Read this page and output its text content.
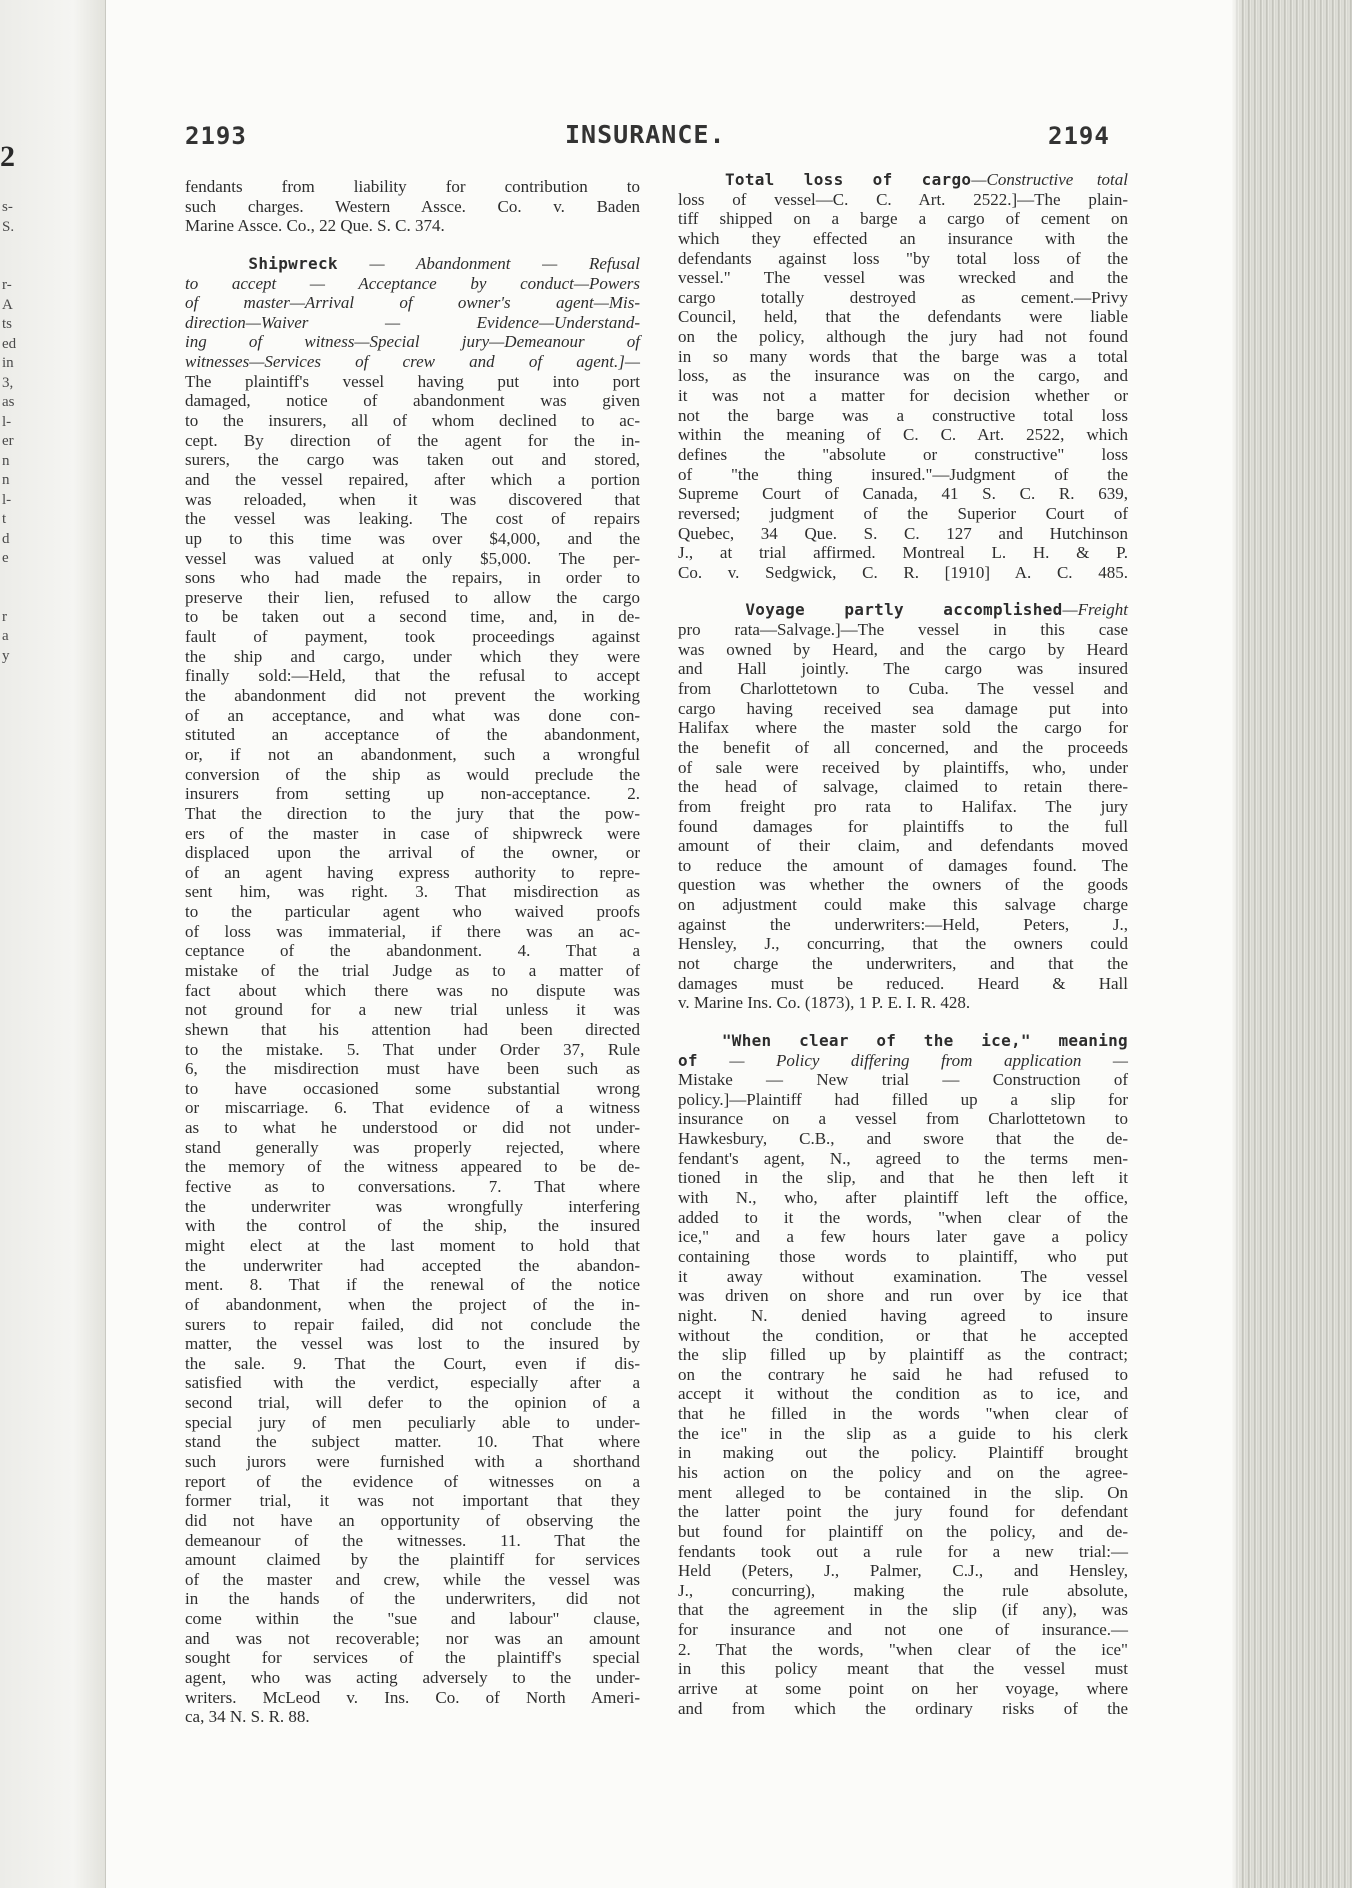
2
s-
S.
r-
A
ts
ed
in
3,
as
l-
er
n
n
l-
t
d
e
r
a
y
2193	INSURANCE.	2194
fendants from liability for contribution to
such charges. Western Assce. Co. v. Baden
Marine Assce. Co., 22 Que. S. C. 374.
Shipwreck — Abandonment — Refusal
to accept — Acceptance by conduct—Powers
of master—Arrival of owner's agent—Mis-
direction—Waiver — Evidence—Understand-
ing of witness—Special jury—Demeanour of
witnesses—Services of crew and of agent.]—
The plaintiff's vessel having put into port
damaged, notice of abandonment was given
to the insurers, all of whom declined to ac-
cept. By direction of the agent for the in-
surers, the cargo was taken out and stored,
and the vessel repaired, after which a portion
was reloaded, when it was discovered that
the vessel was leaking. The cost of repairs
up to this time was over $4,000, and the
vessel was valued at only $5,000. The per-
sons who had made the repairs, in order to
preserve their lien, refused to allow the cargo
to be taken out a second time, and, in de-
fault of payment, took proceedings against
the ship and cargo, under which they were
finally sold:—Held, that the refusal to accept
the abandonment did not prevent the working
of an acceptance, and what was done con-
stituted an acceptance of the abandonment,
or, if not an abandonment, such a wrongful
conversion of the ship as would preclude the
insurers from setting up non-acceptance. 2.
That the direction to the jury that the pow-
ers of the master in case of shipwreck were
displaced upon the arrival of the owner, or
of an agent having express authority to repre-
sent him, was right. 3. That misdirection as
to the particular agent who waived proofs
of loss was immaterial, if there was an ac-
ceptance of the abandonment. 4. That a
mistake of the trial Judge as to a matter of
fact about which there was no dispute was
not ground for a new trial unless it was
shewn that his attention had been directed
to the mistake. 5. That under Order 37, Rule
6, the misdirection must have been such as
to have occasioned some substantial wrong
or miscarriage. 6. That evidence of a witness
as to what he understood or did not under-
stand generally was properly rejected, where
the memory of the witness appeared to be de-
fective as to conversations. 7. That where
the underwriter was wrongfully interfering
with the control of the ship, the insured
might elect at the last moment to hold that
the underwriter had accepted the abandon-
ment. 8. That if the renewal of the notice
of abandonment, when the project of the in-
surers to repair failed, did not conclude the
matter, the vessel was lost to the insured by
the sale. 9. That the Court, even if dis-
satisfied with the verdict, especially after a
second trial, will defer to the opinion of a
special jury of men peculiarly able to under-
stand the subject matter. 10. That where
such jurors were furnished with a shorthand
report of the evidence of witnesses on a
former trial, it was not important that they
did not have an opportunity of observing the
demeanour of the witnesses. 11. That the
amount claimed by the plaintiff for services
of the master and crew, while the vessel was
in the hands of the underwriters, did not
come within the "sue and labour" clause,
and was not recoverable; nor was an amount
sought for services of the plaintiff's special
agent, who was acting adversely to the under-
writers. McLeod v. Ins. Co. of North Ameri-
ca, 34 N. S. R. 88.
Total loss of cargo—Constructive total
loss of vessel—C. C. Art. 2522.]—The plain-
tiff shipped on a barge a cargo of cement on
which they effected an insurance with the
defendants against loss "by total loss of the
vessel." The vessel was wrecked and the
cargo totally destroyed as cement.—Privy
Council, held, that the defendants were liable
on the policy, although the jury had not found
in so many words that the barge was a total
loss, as the insurance was on the cargo, and
it was not a matter for decision whether or
not the barge was a constructive total loss
within the meaning of C. C. Art. 2522, which
defines the "absolute or constructive" loss
of "the thing insured."—Judgment of the
Supreme Court of Canada, 41 S. C. R. 639,
reversed; judgment of the Superior Court of
Quebec, 34 Que. S. C. 127 and Hutchinson
J., at trial affirmed. Montreal L. H. & P.
Co. v. Sedgwick, C. R. [1910] A. C. 485.
Voyage partly accomplished—Freight
pro rata—Salvage.]—The vessel in this case
was owned by Heard, and the cargo by Heard
and Hall jointly. The cargo was insured
from Charlottetown to Cuba. The vessel and
cargo having received sea damage put into
Halifax where the master sold the cargo for
the benefit of all concerned, and the proceeds
of sale were received by plaintiffs, who, under
the head of salvage, claimed to retain there-
from freight pro rata to Halifax. The jury
found damages for plaintiffs to the full
amount of their claim, and defendants moved
to reduce the amount of damages found. The
question was whether the owners of the goods
on adjustment could make this salvage charge
against the underwriters:—Held, Peters, J.,
Hensley, J., concurring, that the owners could
not charge the underwriters, and that the
damages must be reduced. Heard & Hall
v. Marine Ins. Co. (1873), 1 P. E. I. R. 428.
"When clear of the ice," meaning
of — Policy differing from application —
Mistake — New trial — Construction of
policy.]—Plaintiff had filled up a slip for
insurance on a vessel from Charlottetown to
Hawkesbury, C.B., and swore that the de-
fendant's agent, N., agreed to the terms men-
tioned in the slip, and that he then left it
with N., who, after plaintiff left the office,
added to it the words, "when clear of the
ice," and a few hours later gave a policy
containing those words to plaintiff, who put
it away without examination. The vessel
was driven on shore and run over by ice that
night. N. denied having agreed to insure
without the condition, or that he accepted
the slip filled up by plaintiff as the contract;
on the contrary he said he had refused to
accept it without the condition as to ice, and
that he filled in the words "when clear of
the ice" in the slip as a guide to his clerk
in making out the policy. Plaintiff brought
his action on the policy and on the agree-
ment alleged to be contained in the slip. On
the latter point the jury found for defendant
but found for plaintiff on the policy, and de-
fendants took out a rule for a new trial:—
Held (Peters, J., Palmer, C.J., and Hensley,
J., concurring), making the rule absolute,
that the agreement in the slip (if any), was
for insurance and not one of insurance.—
2. That the words, "when clear of the ice"
in this policy meant that the vessel must
arrive at some point on her voyage, where
and from which the ordinary risks of the
